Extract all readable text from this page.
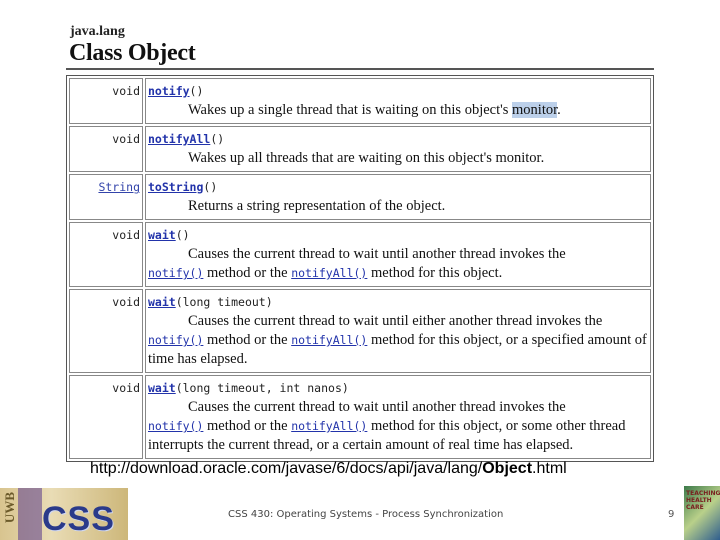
java.lang
Class Object
void	notify()
Wakes up a single thread that is waiting on this object's monitor.

void	notifyAll()
Wakes up all threads that are waiting on this object's monitor.

String	toString()
Returns a string representation of the object.

void	wait()
Causes the current thread to wait until another thread invokes the
notify() method or the notifyAll() method for this object.

void	wait(long timeout)
Causes the current thread to wait until either another thread invokes the
notify() method or the notifyAll() method for this object, or a specified amount of time has elapsed.

void	wait(long timeout, int nanos)
Causes the current thread to wait until another thread invokes the
notify() method or the notifyAll() method for this object, or some other thread interrupts the current thread, or a certain amount of real time has elapsed.
http://download.oracle.com/javase/6/docs/api/java/lang/Object.html
UWB CSS	CSS 430: Operating Systems - Process Synchronization	9
TEACHING HEALTH CARE
